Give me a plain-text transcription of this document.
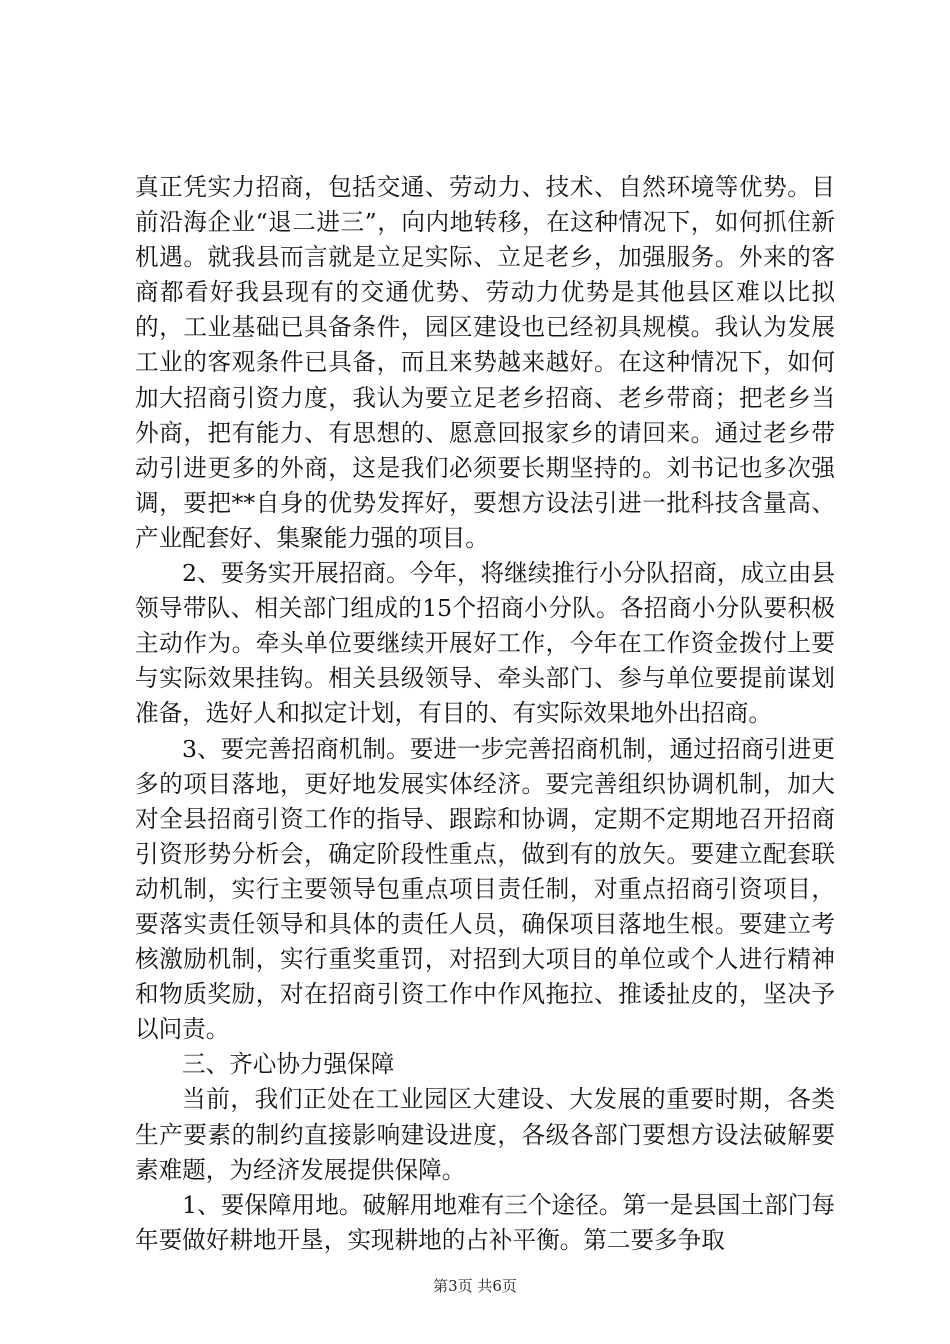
真正凭实力招商，包括交通、劳动力、技术、自然环境等优势。目前沿海企业“退二进三”，向内地转移，在这种情况下，如何抓住新机遇。就我县而言就是立足实际、立足老乡，加强服务。外来的客商都看好我县现有的交通优势、劳动力优势是其他县区难以比拟的，工业基础已具备条件，园区建设也已经初具规模。我认为发展工业的客观条件已具备，而且来势越来越好。在这种情况下，如何加大招商引资力度，我认为要立足老乡招商、老乡带商；把老乡当外商，把有能力、有思想的、愿意回报家乡的请回来。通过老乡带动引进更多的外商，这是我们必须要长期坚持的。刘书记也多次强调，要把**自身的优势发挥好，要想方设法引进一批科技含量高、产业配套好、集聚能力强的项目。

2、要务实开展招商。今年，将继续推行小分队招商，成立由县领导带队、相关部门组成的15个招商小分队。各招商小分队要积极主动作为。牵头单位要继续开展好工作，今年在工作资金拨付上要与实际效果挂钩。相关县级领导、牵头部门、参与单位要提前谋划准备，选好人和拟定计划，有目的、有实际效果地外出招商。

3、要完善招商机制。要进一步完善招商机制，通过招商引进更多的项目落地，更好地发展实体经济。要完善组织协调机制，加大对全县招商引资工作的指导、跟踪和协调，定期不定期地召开招商引资形势分析会，确定阶段性重点，做到有的放矢。要建立配套联动机制，实行主要领导包重点项目责任制，对重点招商引资项目，要落实责任领导和具体的责任人员，确保项目落地生根。要建立考核激励机制，实行重奖重罚，对招到大项目的单位或个人进行精神和物质奖励，对在招商引资工作中作风拖拉、推诿扯皮的，坚决予以问责。

三、齐心协力强保障

当前，我们正处在工业园区大建设、大发展的重要时期，各类生产要素的制约直接影响建设进度，各级各部门要想方设法破解要素难题，为经济发展提供保障。

1、要保障用地。破解用地难有三个途径。第一是县国土部门每年要做好耕地开垦，实现耕地的占补平衡。第二要多争取

第3页 共6页
